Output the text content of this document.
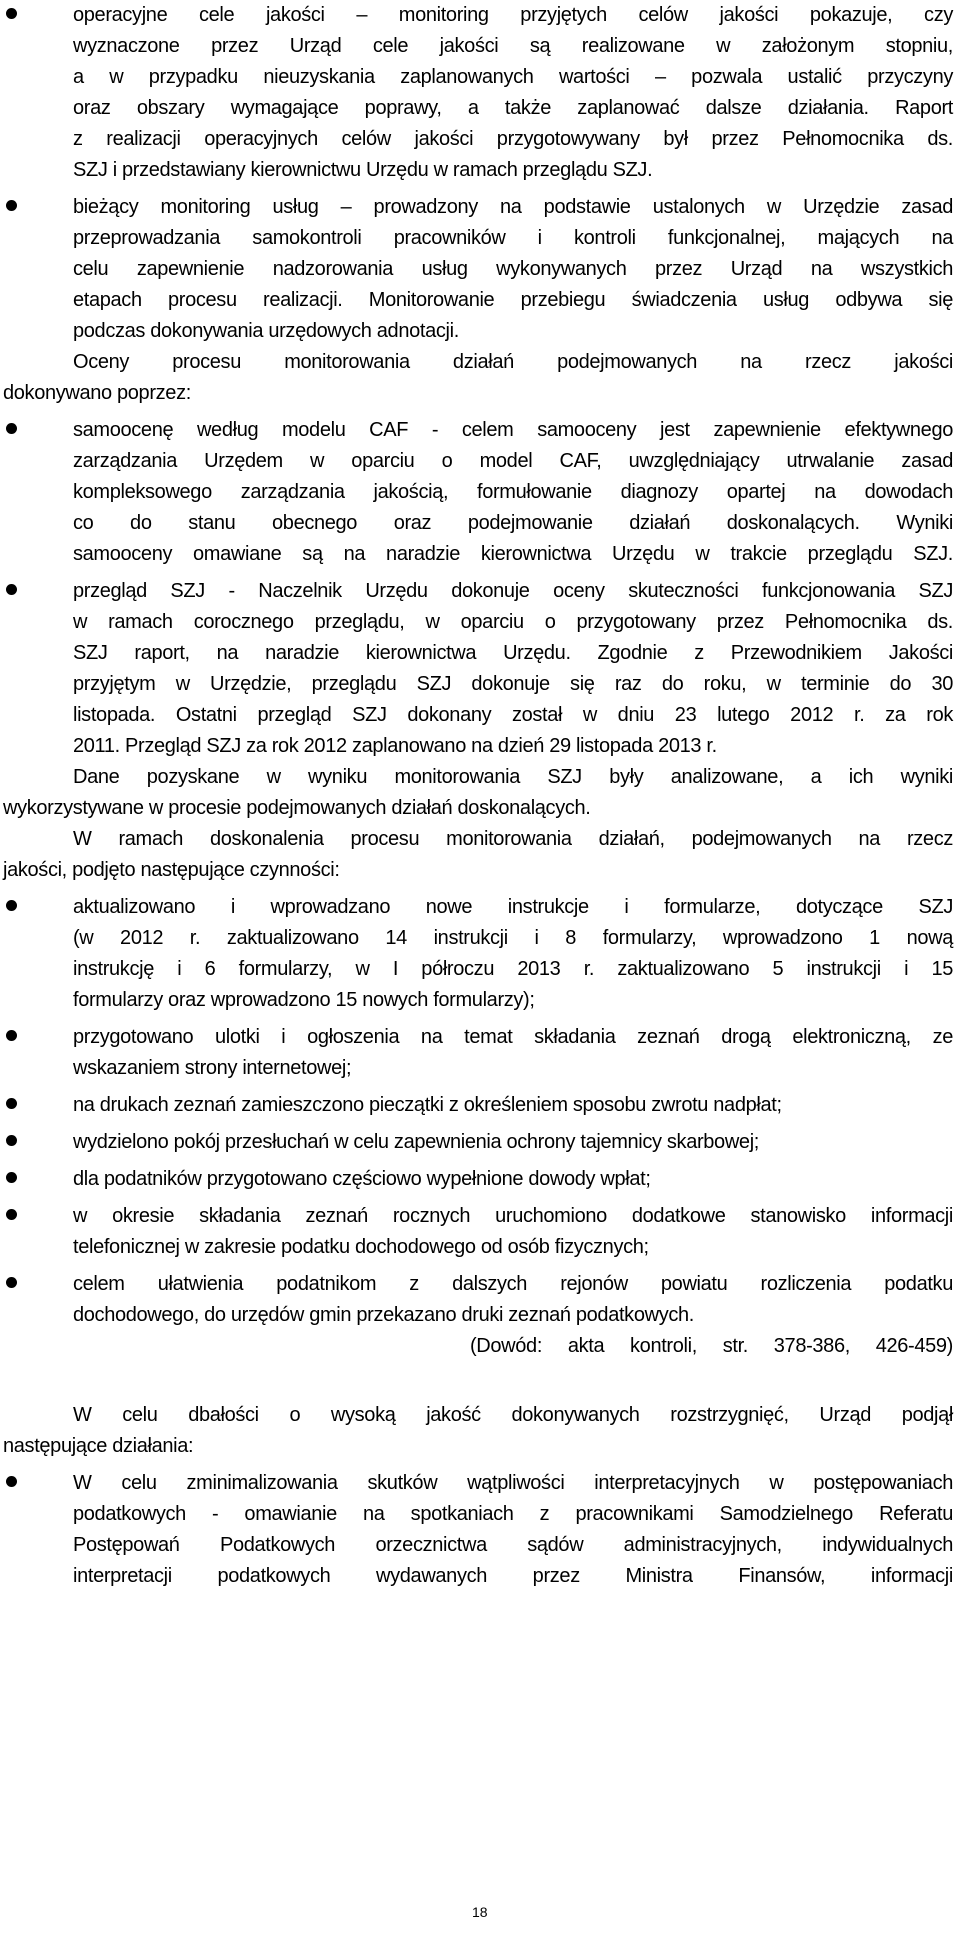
operacyjne cele jakości – monitoring przyjętych celów jakości pokazuje, czy
wyznaczone przez Urząd cele jakości są realizowane w założonym stopniu,
a w przypadku nieuzyskania zaplanowanych wartości – pozwala ustalić przyczyny
oraz obszary wymagające poprawy, a także zaplanować dalsze działania. Raport
z realizacji operacyjnych celów jakości przygotowywany był przez Pełnomocnika ds.
SZJ i przedstawiany kierownictwu Urzędu w ramach przeglądu SZJ.
bieżący monitoring usług – prowadzony na podstawie ustalonych w Urzędzie zasad
przeprowadzania samokontroli pracowników i kontroli funkcjonalnej, mających na
celu zapewnienie nadzorowania usług wykonywanych przez Urząd na wszystkich
etapach procesu realizacji. Monitorowanie przebiegu świadczenia usług odbywa się
podczas dokonywania urzędowych adnotacji.
Oceny procesu monitorowania działań podejmowanych na rzecz jakości
dokonywano poprzez:
samoocenę według modelu CAF - celem samooceny jest zapewnienie efektywnego
zarządzania Urzędem w oparciu o model CAF, uwzględniający utrwalanie zasad
kompleksowego zarządzania jakością, formułowanie diagnozy opartej na dowodach
co do stanu obecnego oraz podejmowanie działań doskonalących. Wyniki
samooceny omawiane są na naradzie kierownictwa Urzędu w trakcie przeglądu SZJ.
przegląd SZJ - Naczelnik Urzędu dokonuje oceny skuteczności funkcjonowania SZJ
w ramach corocznego przeglądu, w oparciu o przygotowany przez Pełnomocnika ds.
SZJ raport, na naradzie kierownictwa Urzędu. Zgodnie z Przewodnikiem Jakości
przyjętym w Urzędzie, przeglądu SZJ dokonuje się raz do roku, w terminie do 30
listopada. Ostatni przegląd SZJ dokonany został w dniu 23 lutego 2012 r. za rok
2011. Przegląd SZJ za rok 2012 zaplanowano na dzień 29 listopada 2013 r.
Dane pozyskane w wyniku monitorowania SZJ były analizowane, a ich wyniki
wykorzystywane w procesie podejmowanych działań doskonalących.
W ramach doskonalenia procesu monitorowania działań, podejmowanych na rzecz
jakości, podjęto następujące czynności:
aktualizowano i wprowadzano nowe instrukcje i formularze, dotyczące SZJ
(w 2012 r. zaktualizowano 14 instrukcji i 8 formularzy, wprowadzono 1 nową
instrukcję i 6 formularzy, w I półroczu 2013 r. zaktualizowano 5 instrukcji i 15
formularzy oraz wprowadzono 15 nowych formularzy);
przygotowano ulotki i ogłoszenia na temat składania zeznań drogą elektroniczną, ze
wskazaniem strony internetowej;
na drukach zeznań zamieszczono pieczątki z określeniem sposobu zwrotu nadpłat;
wydzielono pokój przesłuchań w celu zapewnienia ochrony tajemnicy skarbowej;
dla podatników przygotowano częściowo wypełnione dowody wpłat;
w okresie składania zeznań rocznych uruchomiono dodatkowe stanowisko informacji
telefonicznej w zakresie podatku dochodowego od osób fizycznych;
celem ułatwienia podatnikom z dalszych rejonów powiatu rozliczenia podatku
dochodowego, do urzędów gmin przekazano druki zeznań podatkowych.
(Dowód: akta kontroli, str. 378-386, 426-459)
W celu dbałości o wysoką jakość dokonywanych rozstrzygnięć, Urząd podjął
następujące działania:
W celu zminimalizowania skutków wątpliwości interpretacyjnych w postępowaniach
podatkowych - omawianie na spotkaniach z pracownikami Samodzielnego Referatu
Postępowań Podatkowych orzecznictwa sądów administracyjnych, indywidualnych
interpretacji podatkowych wydawanych przez Ministra Finansów, informacji
18
